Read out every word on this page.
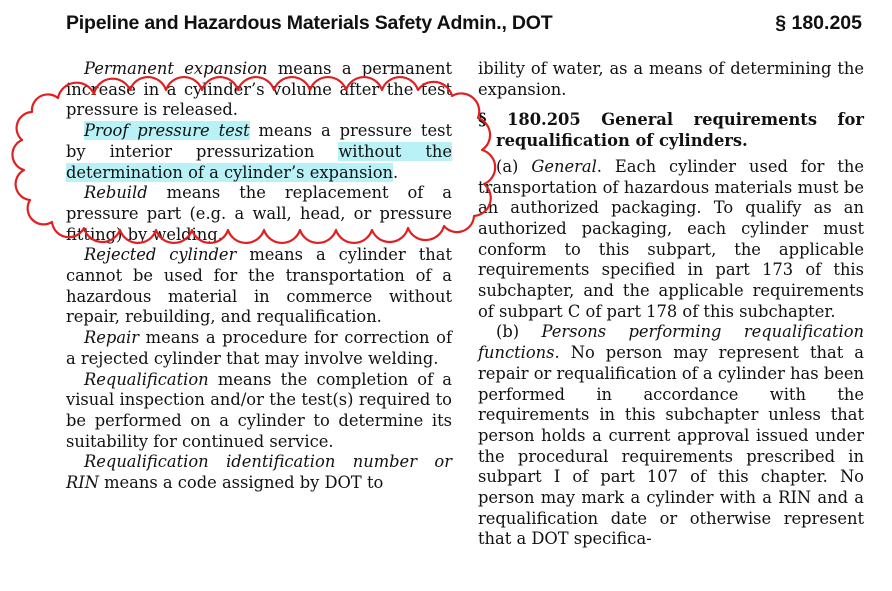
Pipeline and Hazardous Materials Safety Admin., DOT	§ 180.205

Permanent expansion means a permanent increase in a cylinder’s volume after the test pressure is released.

Proof pressure test means a pressure test by interior pressurization without the determination of a cylinder’s expansion.

Rebuild means the replacement of a pressure part (e.g. a wall, head, or pressure fitting) by welding.

Rejected cylinder means a cylinder that cannot be used for the transportation of a hazardous material in commerce without repair, rebuilding, and requalification.

Repair means a procedure for correction of a rejected cylinder that may involve welding.

Requalification means the completion of a visual inspection and/or the test(s) required to be performed on a cylinder to determine its suitability for continued service.

Requalification identification number or RIN means a code assigned by DOT to

ibility of water, as a means of determining the expansion.

§ 180.205 General requirements for requalification of cylinders.

(a) General. Each cylinder used for the transportation of hazardous materials must be an authorized packaging. To qualify as an authorized packaging, each cylinder must conform to this subpart, the applicable requirements specified in part 173 of this subchapter, and the applicable requirements of subpart C of part 178 of this subchapter.

(b) Persons performing requalification functions. No person may represent that a repair or requalification of a cylinder has been performed in accordance with the requirements in this subchapter unless that person holds a current approval issued under the procedural requirements prescribed in subpart I of part 107 of this chapter. No person may mark a cylinder with a RIN and a requalification date or otherwise represent that a DOT specifica-
